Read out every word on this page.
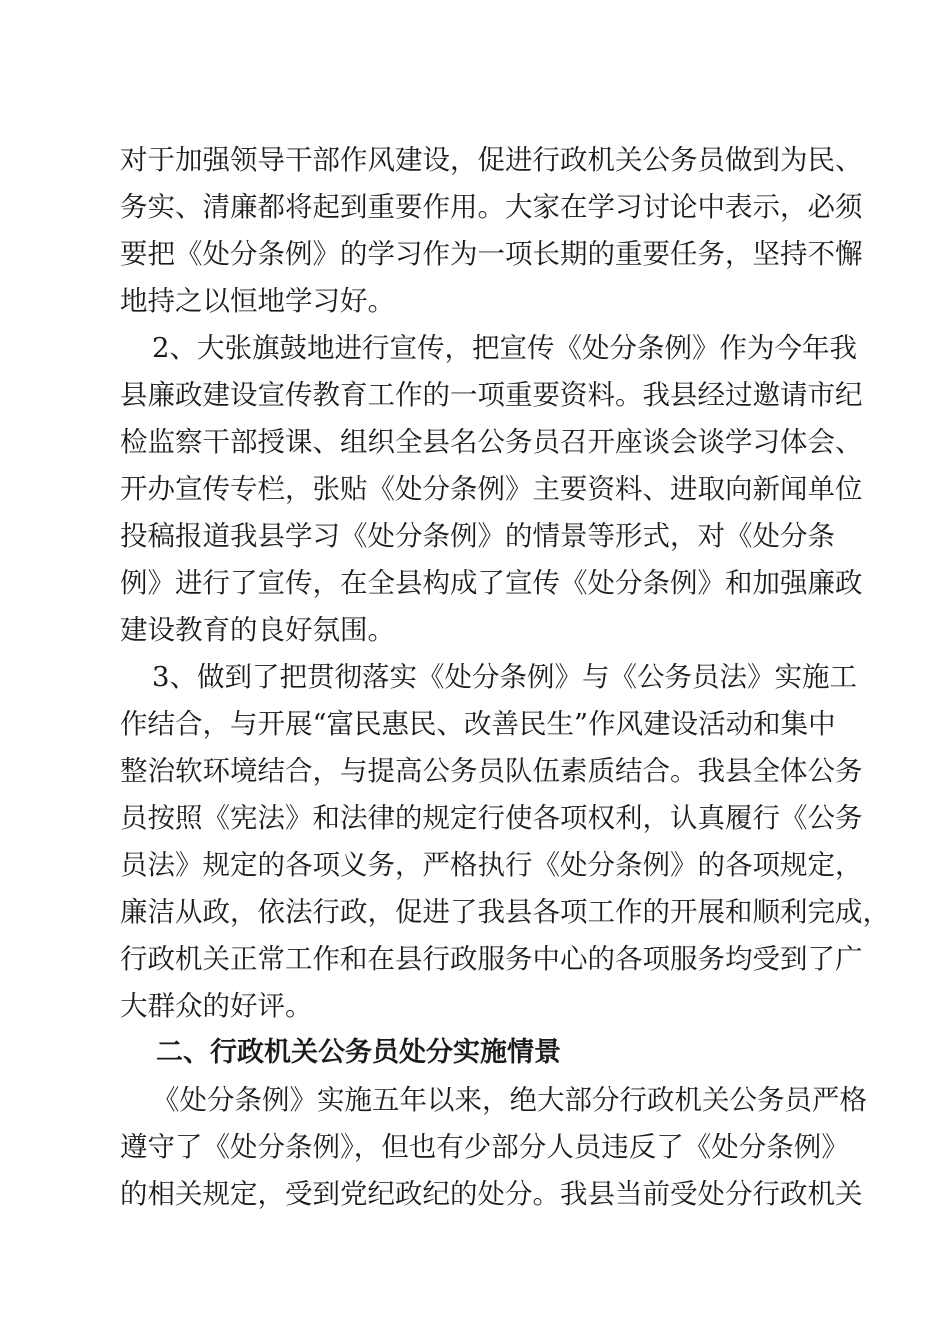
对于加强领导干部作风建设，促进行政机关公务员做到为民、
务实、清廉都将起到重要作用。大家在学习讨论中表示，必须
要把《处分条例》的学习作为一项长期的重要任务，坚持不懈
地持之以恒地学习好。
2、大张旗鼓地进行宣传，把宣传《处分条例》作为今年我
县廉政建设宣传教育工作的一项重要资料。我县经过邀请市纪
检监察干部授课、组织全县名公务员召开座谈会谈学习体会、
开办宣传专栏，张贴《处分条例》主要资料、进取向新闻单位
投稿报道我县学习《处分条例》的情景等形式，对《处分条
例》进行了宣传，在全县构成了宣传《处分条例》和加强廉政
建设教育的良好氛围。
3、做到了把贯彻落实《处分条例》与《公务员法》实施工
作结合，与开展“富民惠民、改善民生”作风建设活动和集中
整治软环境结合，与提高公务员队伍素质结合。我县全体公务
员按照《宪法》和法律的规定行使各项权利，认真履行《公务
员法》规定的各项义务，严格执行《处分条例》的各项规定，
廉洁从政，依法行政，促进了我县各项工作的开展和顺利完成，
行政机关正常工作和在县行政服务中心的各项服务均受到了广
大群众的好评。
二、行政机关公务员处分实施情景
《处分条例》实施五年以来，绝大部分行政机关公务员严格
遵守了《处分条例》，但也有少部分人员违反了《处分条例》
的相关规定，受到党纪政纪的处分。我县当前受处分行政机关
